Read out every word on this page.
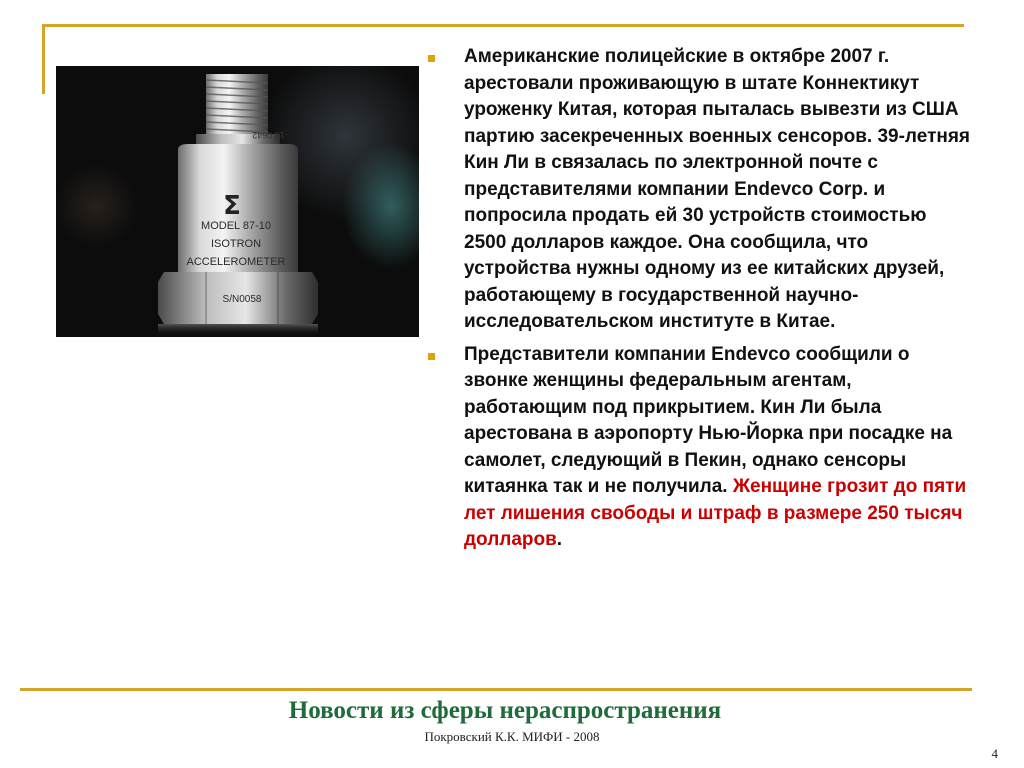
Σ
MODEL 87-10
ISOTRON
ACCELEROMETER
S/N0058
-18 0642

Американские полицейские в октябре 2007 г. арестовали проживающую в штате Коннектикут уроженку Китая, которая пыталась вывезти из США партию засекреченных военных сенсоров. 39-летняя Кин Ли в связалась по электронной почте с представителями компании Endevco Corp. и попросила продать ей 30 устройств стоимостью 2500 долларов каждое. Она сообщила, что устройства нужны одному из ее китайских друзей, работающему в государственной научно-исследовательском институте в Китае.

Представители компании Endevco сообщили о звонке женщины федеральным агентам, работающим под прикрытием. Кин Ли была арестована в аэропорту Нью-Йорка при посадке на самолет, следующий в Пекин, однако сенсоры китаянка так и не получила. Женщине грозит до пяти лет лишения свободы и штраф в размере 250 тысяч долларов.

Новости из сферы нераспространения
Покровский К.К. МИФИ - 2008
4
